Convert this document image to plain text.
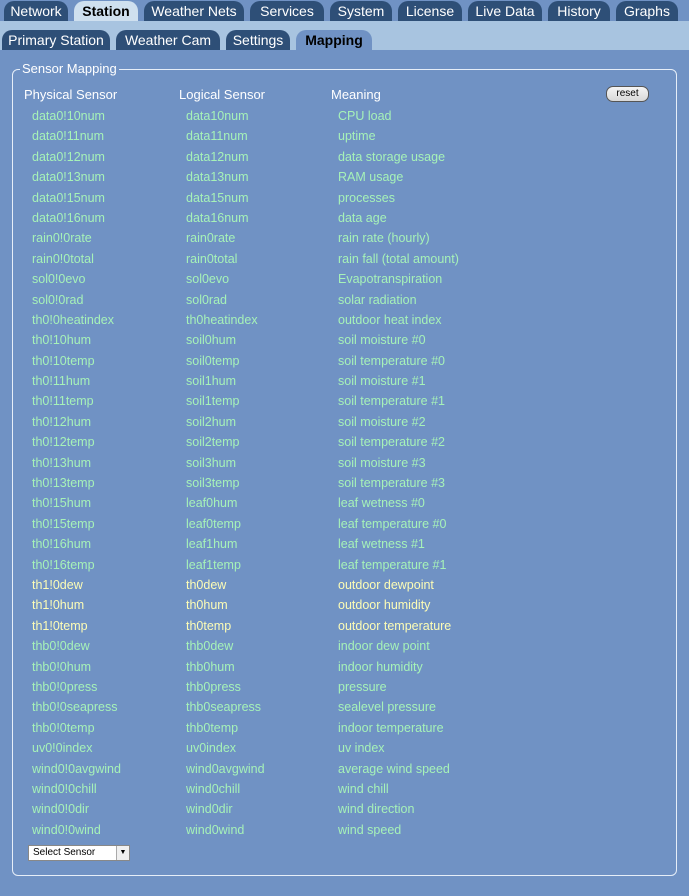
Network	Station	Weather Nets	Services	System	License	Live Data	History	Graphs
Primary Station	Weather Cam	Settings	Mapping
Sensor Mapping
Physical Sensor	Logical Sensor	Meaning	reset
data0!10num	data10num	CPU load
data0!11num	data11num	uptime
data0!12num	data12num	data storage usage
data0!13num	data13num	RAM usage
data0!15num	data15num	processes
data0!16num	data16num	data age
rain0!0rate	rain0rate	rain rate (hourly)
rain0!0total	rain0total	rain fall (total amount)
sol0!0evo	sol0evo	Evapotranspiration
sol0!0rad	sol0rad	solar radiation
th0!0heatindex	th0heatindex	outdoor heat index
th0!10hum	soil0hum	soil moisture #0
th0!10temp	soil0temp	soil temperature #0
th0!11hum	soil1hum	soil moisture #1
th0!11temp	soil1temp	soil temperature #1
th0!12hum	soil2hum	soil moisture #2
th0!12temp	soil2temp	soil temperature #2
th0!13hum	soil3hum	soil moisture #3
th0!13temp	soil3temp	soil temperature #3
th0!15hum	leaf0hum	leaf wetness #0
th0!15temp	leaf0temp	leaf temperature #0
th0!16hum	leaf1hum	leaf wetness #1
th0!16temp	leaf1temp	leaf temperature #1
th1!0dew	th0dew	outdoor dewpoint
th1!0hum	th0hum	outdoor humidity
th1!0temp	th0temp	outdoor temperature
thb0!0dew	thb0dew	indoor dew point
thb0!0hum	thb0hum	indoor humidity
thb0!0press	thb0press	pressure
thb0!0seapress	thb0seapress	sealevel pressure
thb0!0temp	thb0temp	indoor temperature
uv0!0index	uv0index	uv index
wind0!0avgwind	wind0avgwind	average wind speed
wind0!0chill	wind0chill	wind chill
wind0!0dir	wind0dir	wind direction
wind0!0wind	wind0wind	wind speed
Select Sensor	▼
